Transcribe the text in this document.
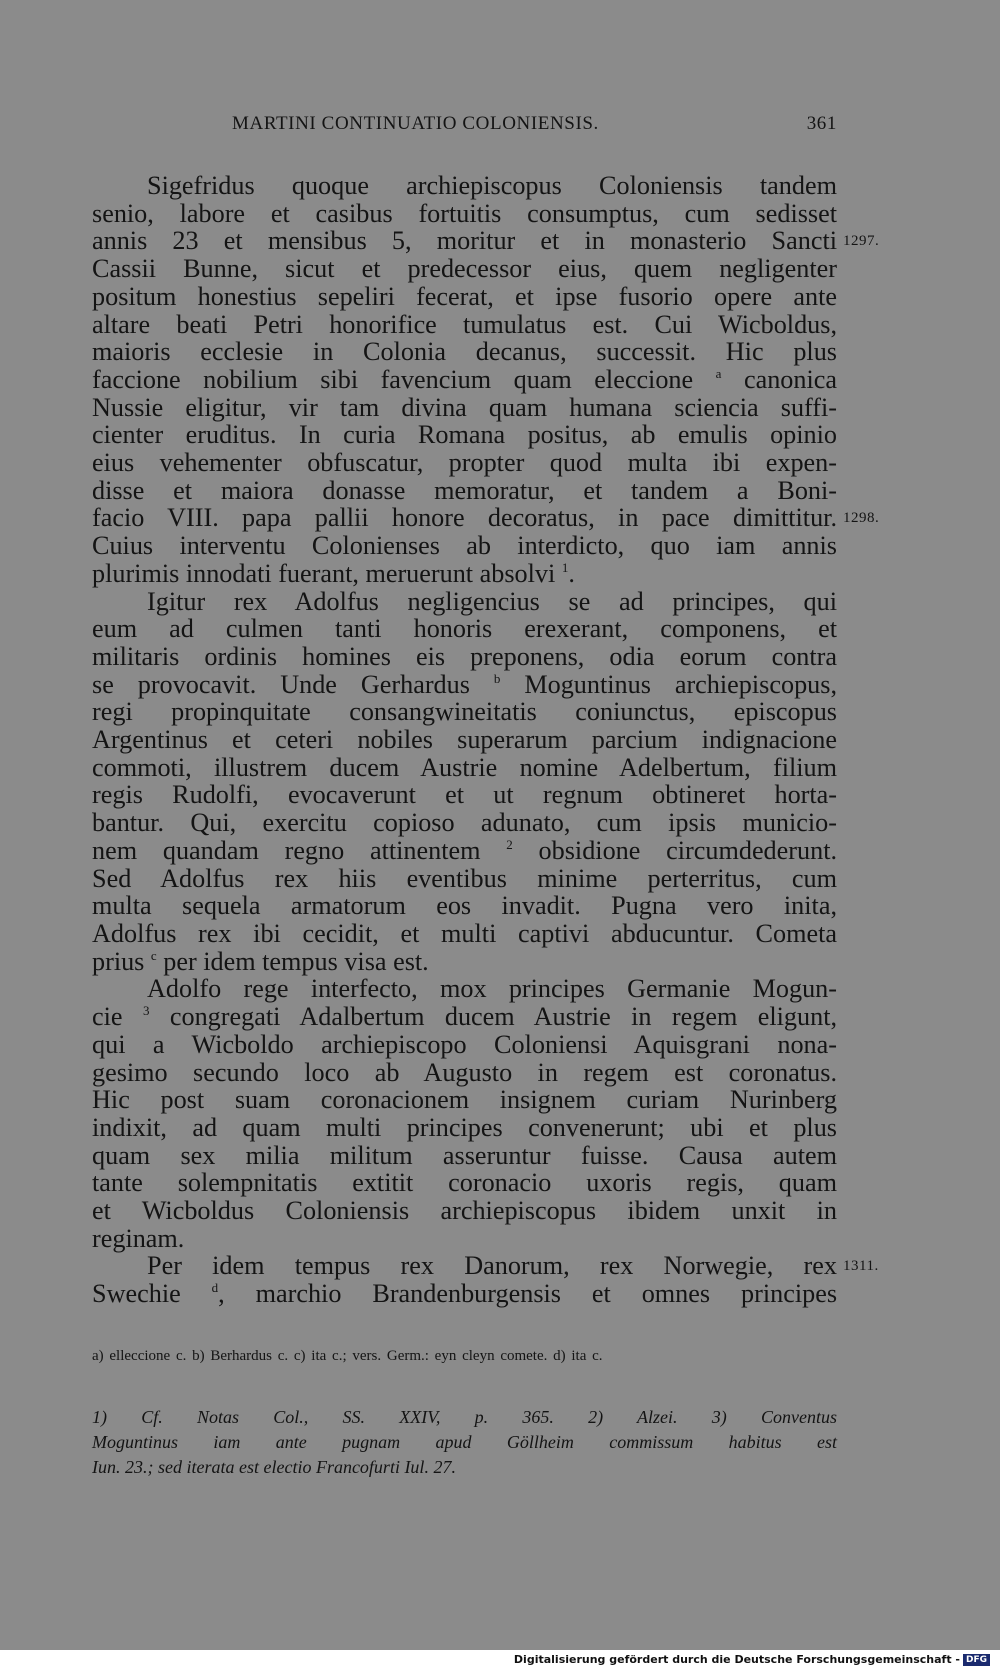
MARTINI CONTINUATIO COLONIENSIS.	361

Sigefridus quoque archiepiscopus Coloniensis tandem
senio, labore et casibus fortuitis consumptus, cum sedisset
annis 23 et mensibus 5, moritur et in monasterio Sancti
Cassii Bunne, sicut et predecessor eius, quem negligenter
positum honestius sepeliri fecerat, et ipse fusorio opere ante
altare beati Petri honorifice tumulatus est. Cui Wicboldus,
maioris ecclesie in Colonia decanus, successit. Hic plus
faccione nobilium sibi favencium quam eleccione $^a$ canonica
Nussie eligitur, vir tam divina quam humana sciencia suffi-
cienter eruditus. In curia Romana positus, ab emulis opinio
eius vehementer obfuscatur, propter quod multa ibi expen-
disse et maiora donasse memoratur, et tandem a Boni-
facio VIII. papa pallii honore decoratus, in pace dimittitur.
Cuius interventu Colonienses ab interdicto, quo iam annis
plurimis innodati fuerant, meruerunt absolvi $^1$.

Igitur rex Adolfus negligencius se ad principes, qui
eum ad culmen tanti honoris erexerant, componens, et
militaris ordinis homines eis preponens, odia eorum contra
se provocavit. Unde Gerhardus $^b$ Moguntinus archiepiscopus,
regi propinquitate consangwineitatis coniunctus, episcopus
Argentinus et ceteri nobiles superarum parcium indignacione
commoti, illustrem ducem Austrie nomine Adelbertum, filium
regis Rudolfi, evocaverunt et ut regnum obtineret horta-
bantur. Qui, exercitu copioso adunato, cum ipsis municio-
nem quandam regno attinentem $^2$ obsidione circumdederunt.
Sed Adolfus rex hiis eventibus minime perterritus, cum
multa sequela armatorum eos invadit. Pugna vero inita,
Adolfus rex ibi cecidit, et multi captivi abducuntur. Cometa
prius $^c$ per idem tempus visa est.

Adolfo rege interfecto, mox principes Germanie Mogun-
cie $^3$ congregati Adalbertum ducem Austrie in regem eligunt,
qui a Wicboldo archiepiscopo Coloniensi Aquisgrani nona-
gesimo secundo loco ab Augusto in regem est coronatus.
Hic post suam coronacionem insignem curiam Nurinberg
indixit, ad quam multi principes convenerunt; ubi et plus
quam sex milia militum asseruntur fuisse. Causa autem
tante solempnitatis extitit coronacio uxoris regis, quam
et Wicboldus Coloniensis archiepiscopus ibidem unxit in
reginam.

Per idem tempus rex Danorum, rex Norwegie, rex
Swechie $^d$, marchio Brandenburgensis et omnes principes

1297.
1298.
1311.
a) elleccione c. b) Berhardus c. c) ita c.; vers. Germ.: eyn cleyn comete. d) ita c.
1) Cf. Notas Col., SS. XXIV, p. 365. 2) Alzei. 3) Conventus
Moguntinus iam ante pugnam apud Göllheim commissum habitus est
Iun. 23.; sed iterata est electio Francofurti Iul. 27.
Digitalisierung gefördert durch die Deutsche Forschungsgemeinschaft - DFG
